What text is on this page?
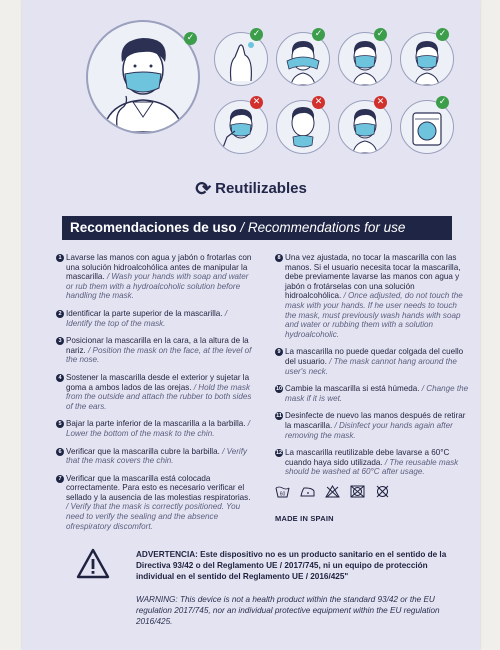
✓	✓	✓	✓	✓
✕	✕	✕	✓
⟳ Reutilizables
Recomendaciones de uso / Recommendations for use
1 Lavarse las manos con agua y jabón o frotarlas con una solución hidroalcohólica antes de manipular la mascarilla. / Wash your hands with soap and water or rub them with a hydroalcoholic solution before handling the mask.
2 Identificar la parte superior de la mascarilla. / Identify the top of the mask.
3 Posicionar la mascarilla en la cara, a la altura de la nariz. / Position the mask on the face, at the level of the nose.
4 Sostener la mascarilla desde el exterior y sujetar la goma a ambos lados de las orejas. / Hold the mask from the outside and attach the rubber to both sides of the ears.
5 Bajar la parte inferior de la mascarilla a la barbilla. / Lower the bottom of the mask to the chin.
6 Verificar que la mascarilla cubre la barbilla. / Verify that the mask covers the chin.
7 Verificar que la mascarilla está colocada correctamente. Para esto es necesario verificar el sellado y la ausencia de las molestias respiratorias. / Verify that the mask is correctly positioned. You need to verify the sealing and the absence ofrespiratory discomfort.
8 Una vez ajustada, no tocar la mascarilla con las manos. Si el usuario necesita tocar la mascarilla, debe previamente lavarse las manos con agua y jabón o frotárselas con una solución hidroalcohólica. / Once adjusted, do not touch the mask with your hands. If he user needs to touch the mask, must previously wash hands with soap and water or rubbing them with a solution hydroalcoholic.
9 La mascarilla no puede quedar colgada del cuello del usuario. / The mask cannot hang around the user's neck.
10 Cambie la mascarilla si está húmeda. / Change the mask if it is wet.
11 Desinfecte de nuevo las manos después de retirar la mascarilla. / Disinfect your hands again after removing the mask.
12 La mascarilla reutilizable debe lavarse a 60°C cuando haya sido utilizada. / The reusable mask should be washed at 60°C after usage.
60
MADE IN SPAIN
ADVERTENCIA: Este dispositivo no es un producto sanitario en el sentido de la Directiva 93/42 o del Reglamento UE / 2017/745, ni un equipo de protección individual en el sentido del Reglamento UE / 2016/425"
WARNING: This device is not a health product within the standard 93/42 or the EU regulation 2017/745, nor an individual protective equipment within the EU regulation 2016/425.
